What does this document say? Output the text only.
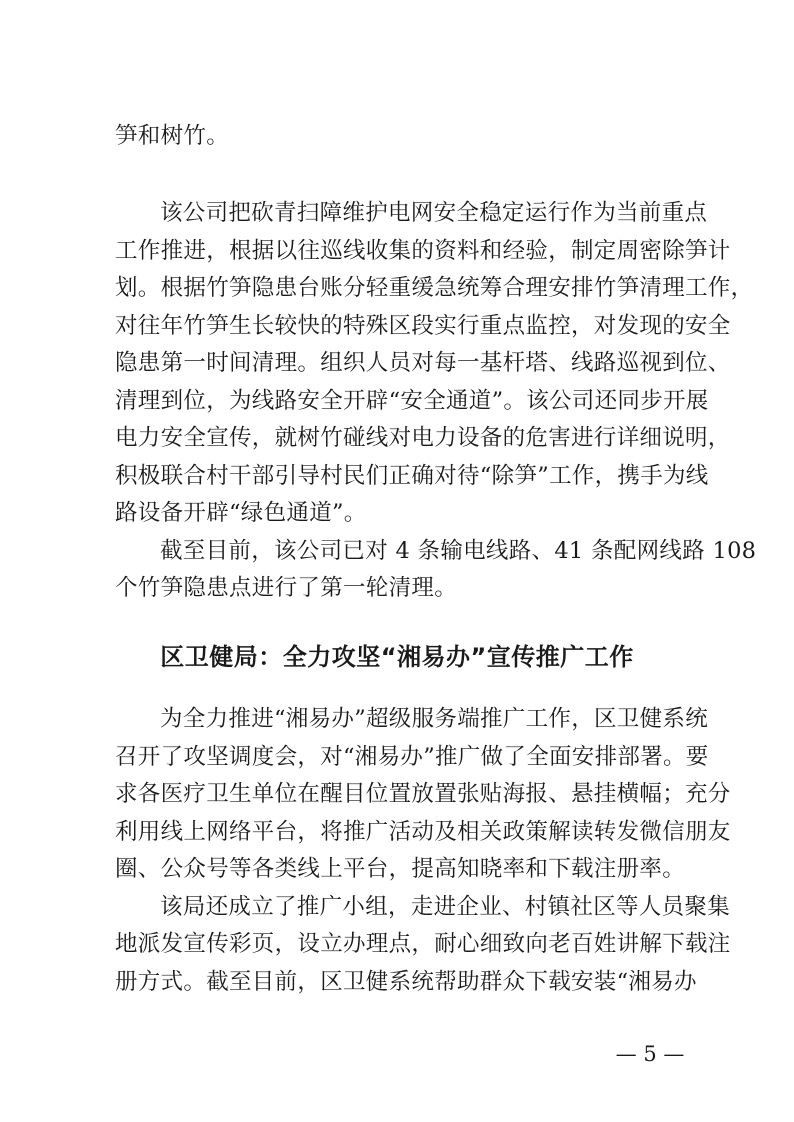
笋和树竹。
该公司把砍青扫障维护电网安全稳定运行作为当前重点
工作推进，根据以往巡线收集的资料和经验，制定周密除笋计
划。根据竹笋隐患台账分轻重缓急统筹合理安排竹笋清理工作，
对往年竹笋生长较快的特殊区段实行重点监控，对发现的安全
隐患第一时间清理。组织人员对每一基杆塔、线路巡视到位、
清理到位，为线路安全开辟“安全通道”。该公司还同步开展
电力安全宣传，就树竹碰线对电力设备的危害进行详细说明，
积极联合村干部引导村民们正确对待“除笋”工作，携手为线
路设备开辟“绿色通道”。
截至目前，该公司已对 4 条输电线路、41 条配网线路 108
个竹笋隐患点进行了第一轮清理。
区卫健局：全力攻坚“湘易办”宣传推广工作
为全力推进“湘易办”超级服务端推广工作，区卫健系统
召开了攻坚调度会，对“湘易办”推广做了全面安排部署。要
求各医疗卫生单位在醒目位置放置张贴海报、悬挂横幅；充分
利用线上网络平台，将推广活动及相关政策解读转发微信朋友
圈、公众号等各类线上平台，提高知晓率和下载注册率。
该局还成立了推广小组，走进企业、村镇社区等人员聚集
地派发宣传彩页，设立办理点，耐心细致向老百姓讲解下载注
册方式。截至目前，区卫健系统帮助群众下载安装“湘易办
— 5 —
